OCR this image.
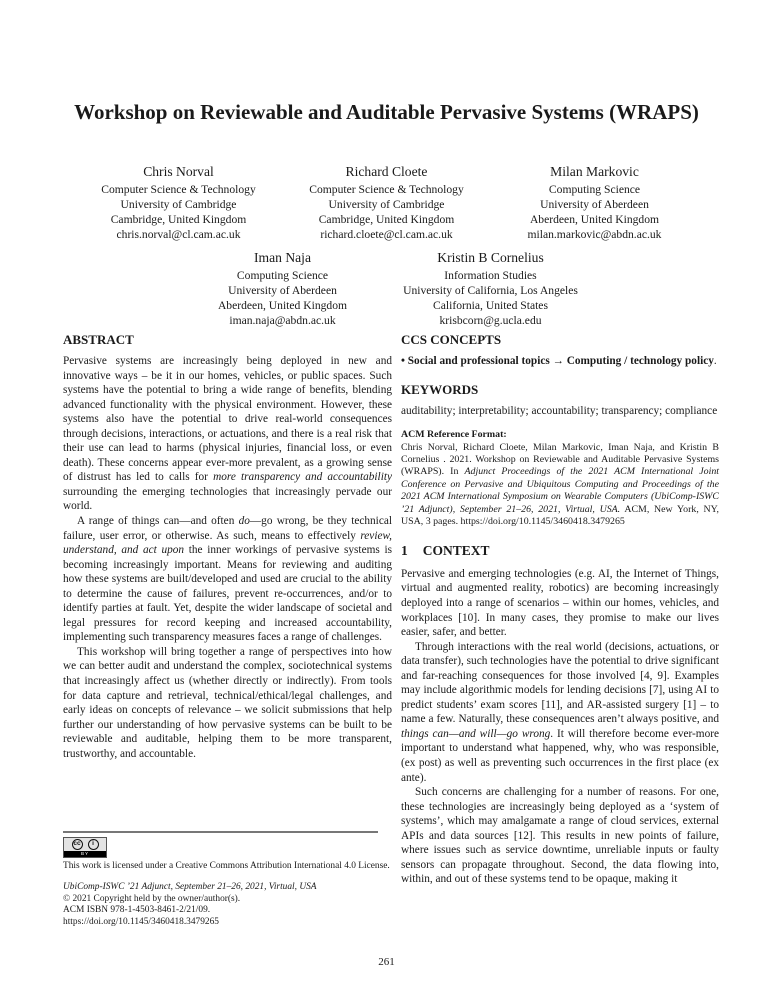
Workshop on Reviewable and Auditable Pervasive Systems (WRAPS)
Chris Norval
Computer Science & Technology
University of Cambridge
Cambridge, United Kingdom
chris.norval@cl.cam.ac.uk
Richard Cloete
Computer Science & Technology
University of Cambridge
Cambridge, United Kingdom
richard.cloete@cl.cam.ac.uk
Milan Markovic
Computing Science
University of Aberdeen
Aberdeen, United Kingdom
milan.markovic@abdn.ac.uk
Iman Naja
Computing Science
University of Aberdeen
Aberdeen, United Kingdom
iman.naja@abdn.ac.uk
Kristin B Cornelius
Information Studies
University of California, Los Angeles
California, United States
krisbcorn@g.ucla.edu
ABSTRACT

Pervasive systems are increasingly being deployed in new and innovative ways – be it in our homes, vehicles, or public spaces. Such systems have the potential to bring a wide range of benefits, blending advanced functionality with the physical environment. However, these systems also have the potential to drive real-world consequences through decisions, interactions, or actuations, and there is a real risk that their use can lead to harms (physical injuries, financial loss, or even death). These concerns appear ever-more prevalent, as a growing sense of distrust has led to calls for more transparency and accountability surrounding the emerging technologies that increasingly pervade our world.

A range of things can—and often do—go wrong, be they technical failure, user error, or otherwise. As such, means to effectively review, understand, and act upon the inner workings of pervasive systems is becoming increasingly important. Means for reviewing and auditing how these systems are built/developed and used are crucial to the ability to determine the cause of failures, prevent re-occurrences, and/or to identify parties at fault. Yet, despite the wider landscape of societal and legal pressures for record keeping and increased accountability, implementing such transparency measures faces a range of challenges.

This workshop will bring together a range of perspectives into how we can better audit and understand the complex, sociotechnical systems that increasingly affect us (whether directly or indirectly). From tools for data capture and retrieval, technical/ethical/legal challenges, and early ideas on concepts of relevance – we solicit submissions that help further our understanding of how pervasive systems can be built to be reviewable and auditable, helping them to be more transparent, trustworthy, and accountable.

cc	i
BY

This work is licensed under a Creative Commons Attribution International 4.0 License.

UbiComp-ISWC ’21 Adjunct, September 21–26, 2021, Virtual, USA

© 2021 Copyright held by the owner/author(s).

ACM ISBN 978-1-4503-8461-2/21/09.

https://doi.org/10.1145/3460418.3479265

CCS CONCEPTS

• Social and professional topics → Computing / technology policy.

KEYWORDS

auditability; interpretability; accountability; transparency; compliance

ACM Reference Format:

Chris Norval, Richard Cloete, Milan Markovic, Iman Naja, and Kristin B Cornelius . 2021. Workshop on Reviewable and Auditable Pervasive Systems (WRAPS). In Adjunct Proceedings of the 2021 ACM International Joint Conference on Pervasive and Ubiquitous Computing and Proceedings of the 2021 ACM International Symposium on Wearable Computers (UbiComp-ISWC ’21 Adjunct), September 21–26, 2021, Virtual, USA. ACM, New York, NY, USA, 3 pages. https://doi.org/10.1145/3460418.3479265

1 CONTEXT

Pervasive and emerging technologies (e.g. AI, the Internet of Things, virtual and augmented reality, robotics) are becoming increasingly deployed into a range of scenarios – within our homes, vehicles, and workplaces [10]. In many cases, they promise to make our lives easier, safer, and better.

Through interactions with the real world (decisions, actuations, or data transfer), such technologies have the potential to drive significant and far-reaching consequences for those involved [4, 9]. Examples may include algorithmic models for lending decisions [7], using AI to predict students’ exam scores [11], and AR-assisted surgery [1] – to name a few. Naturally, these consequences aren’t always positive, and things can—and will—go wrong. It will therefore become ever-more important to understand what happened, why, who was responsible, (ex post) as well as preventing such occurrences in the first place (ex ante).

Such concerns are challenging for a number of reasons. For one, these technologies are increasingly being deployed as a ‘system of systems’, which may amalgamate a range of cloud services, external APIs and data sources [12]. This results in new points of failure, where issues such as service downtime, unreliable inputs or faulty sensors can propagate throughout. Second, the data flowing into, within, and out of these systems tend to be opaque, making it

261
